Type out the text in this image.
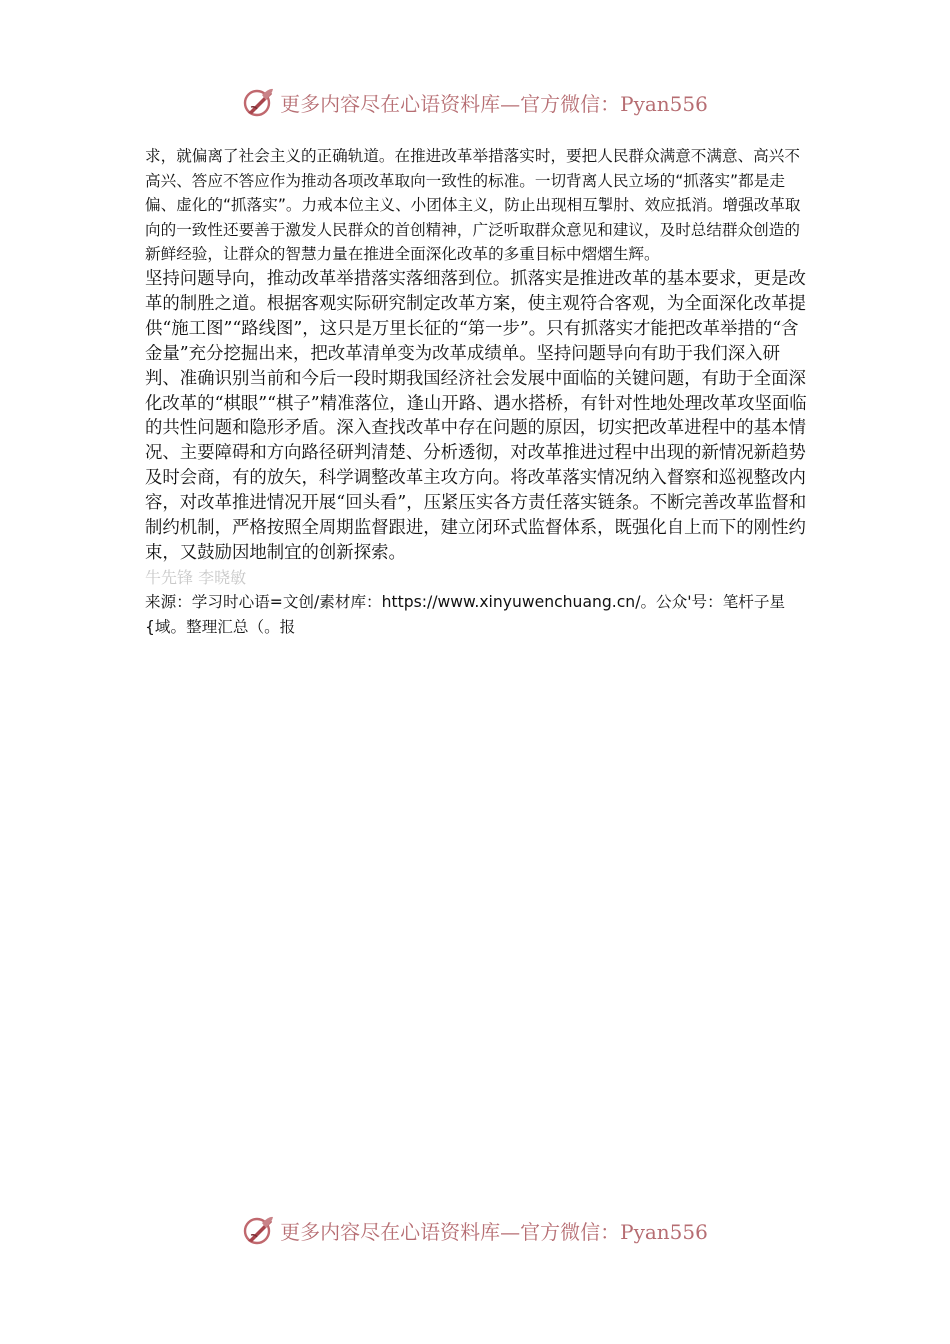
更多内容尽在心语资料库—官方微信：Pyan556

求，就偏离了社会主义的正确轨道。在推进改革举措落实时，要把人民群众满意不满意、高兴不高兴、答应不答应作为推动各项改革取向一致性的标准。一切背离人民立场的“抓落实”都是走偏、虚化的“抓落实”。力戒本位主义、小团体主义，防止出现相互掣肘、效应抵消。增强改革取向的一致性还要善于激发人民群众的首创精神，广泛听取群众意见和建议，及时总结群众创造的新鲜经验，让群众的智慧力量在推进全面深化改革的多重目标中熠熠生辉。

坚持问题导向，推动改革举措落实落细落到位。抓落实是推进改革的基本要求，更是改革的制胜之道。根据客观实际研究制定改革方案，使主观符合客观，为全面深化改革提供“施工图”“路线图”，这只是万里长征的“第一步”。只有抓落实才能把改革举措的“含金量”充分挖掘出来，把改革清单变为改革成绩单。坚持问题导向有助于我们深入研判、准确识别当前和今后一段时期我国经济社会发展中面临的关键问题，有助于全面深化改革的“棋眼”“棋子”精准落位，逢山开路、遇水搭桥，有针对性地处理改革攻坚面临的共性问题和隐形矛盾。深入查找改革中存在问题的原因，切实把改革进程中的基本情况、主要障碍和方向路径研判清楚、分析透彻，对改革推进过程中出现的新情况新趋势及时会商，有的放矢，科学调整改革主攻方向。将改革落实情况纳入督察和巡视整改内容，对改革推进情况开展“回头看”，压紧压实各方责任落实链条。不断完善改革监督和制约机制，严格按照全周期监督跟进，建立闭环式监督体系，既强化自上而下的刚性约束，又鼓励因地制宜的创新探索。

牛先锋 李晓敏

来源：学习时心语=文创/素材库：https://www.xinyuwenchuang.cn/。公众'号：笔杆子星{域。整理汇总（。报

更多内容尽在心语资料库—官方微信：Pyan556
